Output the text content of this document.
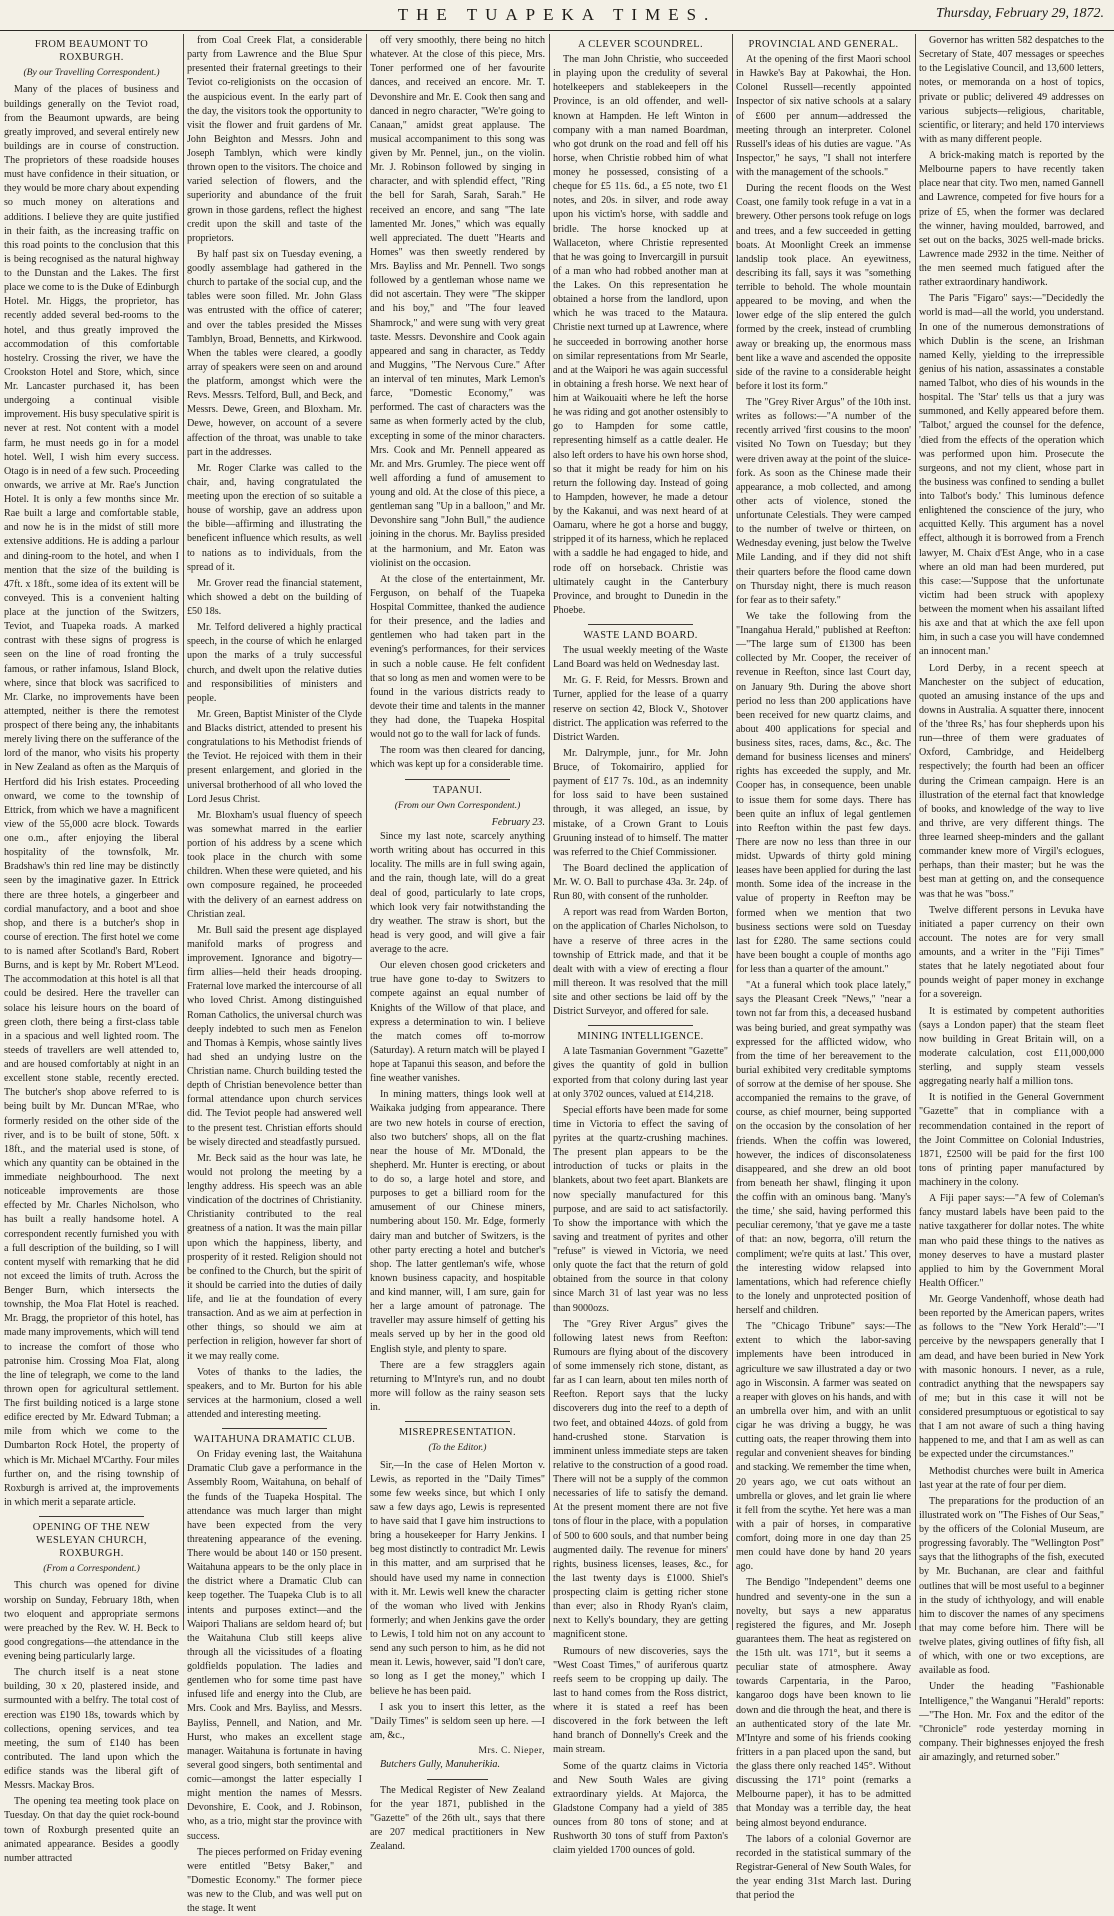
THE TUAPEKA TIMES.	Thursday, February 29, 1872.
FROM BEAUMONT TO ROXBURGH.
(By our Travelling Correspondent.)

Many of the places of business and buildings generally on the Teviot road, from the Beaumont upwards, are being greatly improved, and several entirely new buildings are in course of construction. The proprietors of these roadside houses must have confidence in their situation, or they would be more chary about expending so much money on alterations and additions. I believe they are quite justified in their faith, as the increasing traffic on this road points to the conclusion that this is being recognised as the natural highway to the Dunstan and the Lakes. The first place we come to is the Duke of Edinburgh Hotel. Mr. Higgs, the proprietor, has recently added several bed-rooms to the hotel, and thus greatly improved the accommodation of this comfortable hostelry. Crossing the river, we have the Crookston Hotel and Store, which, since Mr. Lancaster purchased it, has been undergoing a continual visible improvement. His busy speculative spirit is never at rest. Not content with a model farm, he must needs go in for a model hotel. Well, I wish him every success. Otago is in need of a few such. Proceeding onwards, we arrive at Mr. Rae's Junction Hotel. It is only a few months since Mr. Rae built a large and comfortable stable, and now he is in the midst of still more extensive additions. He is adding a parlour and dining-room to the hotel, and when I mention that the size of the building is 47ft. x 18ft., some idea of its extent will be conveyed. This is a convenient halting place at the junction of the Switzers, Teviot, and Tuapeka roads. A marked contrast with these signs of progress is seen on the line of road fronting the famous, or rather infamous, Island Block, where, since that block was sacrificed to Mr. Clarke, no improvements have been attempted, neither is there the remotest prospect of there being any, the inhabitants merely living there on the sufferance of the lord of the manor, who visits his property in New Zealand as often as the Marquis of Hertford did his Irish estates. Proceeding onward, we come to the township of Ettrick, from which we have a magnificent view of the 55,000 acre block. Towards one o.m., after enjoying the liberal hospitality of the townsfolk, Mr. Bradshaw's thin red line may be distinctly seen by the imaginative gazer. In Ettrick there are three hotels, a gingerbeer and cordial manufactory, and a boot and shoe shop, and there is a butcher's shop in course of erection. The first hotel we come to is named after Scotland's Bard, Robert Burns, and is kept by Mr. Robert M'Leod. The accommodation at this hotel is all that could be desired. Here the traveller can solace his leisure hours on the board of green cloth, there being a first-class table in a spacious and well lighted room. The steeds of travellers are well attended to, and are housed comfortably at night in an excellent stone stable, recently erected. The butcher's shop above referred to is being built by Mr. Duncan M'Rae, who formerly resided on the other side of the river, and is to be built of stone, 50ft. x 18ft., and the material used is stone, of which any quantity can be obtained in the immediate neighbourhood. The next noticeable improvements are those effected by Mr. Charles Nicholson, who has built a really handsome hotel. A correspondent recently furnished you with a full description of the building, so I will content myself with remarking that he did not exceed the limits of truth. Across the Benger Burn, which intersects the township, the Moa Flat Hotel is reached. Mr. Bragg, the proprietor of this hotel, has made many improvements, which will tend to increase the comfort of those who patronise him. Crossing Moa Flat, along the line of telegraph, we come to the land thrown open for agricultural settlement. The first building noticed is a large stone edifice erected by Mr. Edward Tubman; a mile from which we come to the Dumbarton Rock Hotel, the property of which is Mr. Michael M'Carthy. Four miles further on, and the rising township of Roxburgh is arrived at, the improvements in which merit a separate article.

OPENING OF THE NEW WESLEYAN CHURCH, ROXBURGH.
(From a Correspondent.)

This church was opened for divine worship on Sunday, February 18th, when two eloquent and appropriate sermons were preached by the Rev. W. H. Beck to good congregations—the attendance in the evening being particularly large.

The church itself is a neat stone building, 30 x 20, plastered inside, and surmounted with a belfry. The total cost of erection was £190 18s, towards which by collections, opening services, and tea meeting, the sum of £140 has been contributed. The land upon which the edifice stands was the liberal gift of Messrs. Mackay Bros.

The opening tea meeting took place on Tuesday. On that day the quiet rock-bound town of Roxburgh presented quite an animated appearance. Besides a goodly number attracted

from Coal Creek Flat, a considerable party from Lawrence and the Blue Spur presented their fraternal greetings to their Teviot co-religionists on the occasion of the auspicious event. In the early part of the day, the visitors took the opportunity to visit the flower and fruit gardens of Mr. John Beighton and Messrs. John and Joseph Tamblyn, which were kindly thrown open to the visitors. The choice and varied selection of flowers, and the superiority and abundance of the fruit grown in those gardens, reflect the highest credit upon the skill and taste of the proprietors.

By half past six on Tuesday evening, a goodly assemblage had gathered in the church to partake of the social cup, and the tables were soon filled. Mr. John Glass was entrusted with the office of caterer; and over the tables presided the Misses Tamblyn, Broad, Bennetts, and Kirkwood. When the tables were cleared, a goodly array of speakers were seen on and around the platform, amongst which were the Revs. Messrs. Telford, Bull, and Beck, and Messrs. Dewe, Green, and Bloxham. Mr. Dewe, however, on account of a severe affection of the throat, was unable to take part in the addresses.

Mr. Roger Clarke was called to the chair, and, having congratulated the meeting upon the erection of so suitable a house of worship, gave an address upon the bible—affirming and illustrating the beneficent influence which results, as well to nations as to individuals, from the spread of it.

Mr. Grover read the financial statement, which showed a debt on the building of £50 18s.

Mr. Telford delivered a highly practical speech, in the course of which he enlarged upon the marks of a truly successful church, and dwelt upon the relative duties and responsibilities of ministers and people.

Mr. Green, Baptist Minister of the Clyde and Blacks district, attended to present his congratulations to his Methodist friends of the Teviot. He rejoiced with them in their present enlargement, and gloried in the universal brotherhood of all who loved the Lord Jesus Christ.

Mr. Bloxham's usual fluency of speech was somewhat marred in the earlier portion of his address by a scene which took place in the church with some children. When these were quieted, and his own composure regained, he proceeded with the delivery of an earnest address on Christian zeal.

Mr. Bull said the present age displayed manifold marks of progress and improvement. Ignorance and bigotry—firm allies—held their heads drooping. Fraternal love marked the intercourse of all who loved Christ. Among distinguished Roman Catholics, the universal church was deeply indebted to such men as Fenelon and Thomas à Kempis, whose saintly lives had shed an undying lustre on the Christian name. Church building tested the depth of Christian benevolence better than formal attendance upon church services did. The Teviot people had answered well to the present test. Christian efforts should be wisely directed and steadfastly pursued.

Mr. Beck said as the hour was late, he would not prolong the meeting by a lengthy address. His speech was an able vindication of the doctrines of Christianity. Christianity contributed to the real greatness of a nation. It was the main pillar upon which the happiness, liberty, and prosperity of it rested. Religion should not be confined to the Church, but the spirit of it should be carried into the duties of daily life, and lie at the foundation of every transaction. And as we aim at perfection in other things, so should we aim at perfection in religion, however far short of it we may really come.

Votes of thanks to the ladies, the speakers, and to Mr. Burton for his able services at the harmonium, closed a well attended and interesting meeting.

WAITAHUNA DRAMATIC CLUB.

On Friday evening last, the Waitahuna Dramatic Club gave a performance in the Assembly Room, Waitahuna, on behalf of the funds of the Tuapeka Hospital. The attendance was much larger than might have been expected from the very threatening appearance of the evening. There would be about 140 or 150 present. Waitahuna appears to be the only place in the district where a Dramatic Club can keep together. The Tuapeka Club is to all intents and purposes extinct—and the Waipori Thalians are seldom heard of; but the Waitahuna Club still keeps alive through all the vicissitudes of a floating goldfields population. The ladies and gentlemen who for some time past have infused life and energy into the Club, are Mrs. Cook and Mrs. Bayliss, and Messrs. Bayliss, Pennell, and Nation, and Mr. Hurst, who makes an excellent stage manager. Waitahuna is fortunate in having several good singers, both sentimental and comic—amongst the latter especially I might mention the names of Messrs. Devonshire, E. Cook, and J. Robinson, who, as a trio, might star the province with success.

The pieces performed on Friday evening were entitled "Betsy Baker," and "Domestic Economy." The former piece was new to the Club, and was well put on the stage. It went

off very smoothly, there being no hitch whatever. At the close of this piece, Mrs. Toner performed one of her favourite dances, and received an encore. Mr. T. Devonshire and Mr. E. Cook then sang and danced in negro character, "We're going to Canaan," amidst great applause. The musical accompaniment to this song was given by Mr. Pennel, jun., on the violin. Mr. J. Robinson followed by singing in character, and with splendid effect, "Ring the bell for Sarah, Sarah, Sarah." He received an encore, and sang "The late lamented Mr. Jones," which was equally well appreciated. The duett "Hearts and Homes" was then sweetly rendered by Mrs. Bayliss and Mr. Pennell. Two songs followed by a gentleman whose name we did not ascertain. They were "The skipper and his boy," and "The four leaved Shamrock," and were sung with very great taste. Messrs. Devonshire and Cook again appeared and sang in character, as Teddy and Muggins, "The Nervous Cure." After an interval of ten minutes, Mark Lemon's farce, "Domestic Economy," was performed. The cast of characters was the same as when formerly acted by the club, excepting in some of the minor characters. Mrs. Cook and Mr. Pennell appeared as Mr. and Mrs. Grumley. The piece went off well affording a fund of amusement to young and old. At the close of this piece, a gentleman sang "Up in a balloon," and Mr. Devonshire sang "John Bull," the audience joining in the chorus. Mr. Bayliss presided at the harmonium, and Mr. Eaton was violinist on the occasion.

At the close of the entertainment, Mr. Ferguson, on behalf of the Tuapeka Hospital Committee, thanked the audience for their presence, and the ladies and gentlemen who had taken part in the evening's performances, for their services in such a noble cause. He felt confident that so long as men and women were to be found in the various districts ready to devote their time and talents in the manner they had done, the Tuapeka Hospital would not go to the wall for lack of funds.

The room was then cleared for dancing, which was kept up for a considerable time.

TAPANUI.
(From our Own Correspondent.)
February 23.

Since my last note, scarcely anything worth writing about has occurred in this locality. The mills are in full swing again, and the rain, though late, will do a great deal of good, particularly to late crops, which look very fair notwithstanding the dry weather. The straw is short, but the head is very good, and will give a fair average to the acre.

Our eleven chosen good cricketers and true have gone to-day to Switzers to compete against an equal number of Knights of the Willow of that place, and express a determination to win. I believe the match comes off to-morrow (Saturday). A return match will be played I hope at Tapanui this season, and before the fine weather vanishes.

In mining matters, things look well at Waikaka judging from appearance. There are two new hotels in course of erection, also two butchers' shops, all on the flat near the house of Mr. M'Donald, the shepherd. Mr. Hunter is erecting, or about to do so, a large hotel and store, and purposes to get a billiard room for the amusement of our Chinese miners, numbering about 150. Mr. Edge, formerly dairy man and butcher of Switzers, is the other party erecting a hotel and butcher's shop. The latter gentleman's wife, whose known business capacity, and hospitable and kind manner, will, I am sure, gain for her a large amount of patronage. The traveller may assure himself of getting his meals served up by her in the good old English style, and plenty to spare.

There are a few stragglers again returning to M'Intyre's run, and no doubt more will follow as the rainy season sets in.

MISREPRESENTATION.
(To the Editor.)

Sir,—In the case of Helen Morton v. Lewis, as reported in the "Daily Times" some few weeks since, but which I only saw a few days ago, Lewis is represented to have said that I gave him instructions to bring a housekeeper for Harry Jenkins. I beg most distinctly to contradict Mr. Lewis in this matter, and am surprised that he should have used my name in connection with it. Mr. Lewis well knew the character of the woman who lived with Jenkins formerly; and when Jenkins gave the order to Lewis, I told him not on any account to send any such person to him, as he did not mean it. Lewis, however, said "I don't care, so long as I get the money," which I believe he has been paid.

I ask you to insert this letter, as the "Daily Times" is seldom seen up here. —I am, &c.,

Mrs. C. Nieper,
Butchers Gully, Manuherikia.

The Medical Register of New Zealand for the year 1871, published in the "Gazette" of the 26th ult., says that there are 207 medical practitioners in New Zealand.

A CLEVER SCOUNDREL.

The man John Christie, who succeeded in playing upon the credulity of several hotelkeepers and stablekeepers in the Province, is an old offender, and well-known at Hampden. He left Winton in company with a man named Boardman, who got drunk on the road and fell off his horse, when Christie robbed him of what money he possessed, consisting of a cheque for £5 11s. 6d., a £5 note, two £1 notes, and 20s. in silver, and rode away upon his victim's horse, with saddle and bridle. The horse knocked up at Wallaceton, where Christie represented that he was going to Invercargill in pursuit of a man who had robbed another man at the Lakes. On this representation he obtained a horse from the landlord, upon which he was traced to the Mataura. Christie next turned up at Lawrence, where he succeeded in borrowing another horse on similar representations from Mr Searle, and at the Waipori he was again successful in obtaining a fresh horse. We next hear of him at Waikouaiti where he left the horse he was riding and got another ostensibly to go to Hampden for some cattle, representing himself as a cattle dealer. He also left orders to have his own horse shod, so that it might be ready for him on his return the following day. Instead of going to Hampden, however, he made a detour by the Kakanui, and was next heard of at Oamaru, where he got a horse and buggy, stripped it of its harness, which he replaced with a saddle he had engaged to hide, and rode off on horseback. Christie was ultimately caught in the Canterbury Province, and brought to Dunedin in the Phoebe.

WASTE LAND BOARD.

The usual weekly meeting of the Waste Land Board was held on Wednesday last.

Mr. G. F. Reid, for Messrs. Brown and Turner, applied for the lease of a quarry reserve on section 42, Block V., Shotover district. The application was referred to the District Warden.

Mr. Dalrymple, junr., for Mr. John Bruce, of Tokomairiro, applied for payment of £17 7s. 10d., as an indemnity for loss said to have been sustained through, it was alleged, an issue, by mistake, of a Crown Grant to Louis Gruuning instead of to himself. The matter was referred to the Chief Commissioner.

The Board declined the application of Mr. W. O. Ball to purchase 43a. 3r. 24p. of Run 80, with consent of the runholder.

A report was read from Warden Borton, on the application of Charles Nicholson, to have a reserve of three acres in the township of Ettrick made, and that it be dealt with with a view of erecting a flour mill thereon. It was resolved that the mill site and other sections be laid off by the District Surveyor, and offered for sale.

MINING INTELLIGENCE.

A late Tasmanian Government "Gazette" gives the quantity of gold in bullion exported from that colony during last year at only 3702 ounces, valued at £14,218.

Special efforts have been made for some time in Victoria to effect the saving of pyrites at the quartz-crushing machines. The present plan appears to be the introduction of tucks or plaits in the blankets, about two feet apart. Blankets are now specially manufactured for this purpose, and are said to act satisfactorily. To show the importance with which the saving and treatment of pyrites and other "refuse" is viewed in Victoria, we need only quote the fact that the return of gold obtained from the source in that colony since March 31 of last year was no less than 9000ozs.

The "Grey River Argus" gives the following latest news from Reefton: Rumours are flying about of the discovery of some immensely rich stone, distant, as far as I can learn, about ten miles north of Reefton. Report says that the lucky discoverers dug into the reef to a depth of two feet, and obtained 44ozs. of gold from hand-crushed stone. Starvation is imminent unless immediate steps are taken relative to the construction of a good road. There will not be a supply of the common necessaries of life to satisfy the demand. At the present moment there are not five tons of flour in the place, with a population of 500 to 600 souls, and that number being augmented daily. The revenue for miners' rights, business licenses, leases, &c., for the last twenty days is £1000. Shiel's prospecting claim is getting richer stone than ever; also in Rhody Ryan's claim, next to Kelly's boundary, they are getting magnificent stone.

Rumours of new discoveries, says the "West Coast Times," of auriferous quartz reefs seem to be cropping up daily. The last to hand comes from the Ross district, where it is stated a reef has been discovered in the fork between the left hand branch of Donnelly's Creek and the main stream.

Some of the quartz claims in Victoria and New South Wales are giving extraordinary yields. At Majorca, the Gladstone Company had a yield of 385 ounces from 80 tons of stone; and at Rushworth 30 tons of stuff from Paxton's claim yielded 1700 ounces of gold.

PROVINCIAL AND GENERAL.

At the opening of the first Maori school in Hawke's Bay at Pakowhai, the Hon. Colonel Russell—recently appointed Inspector of six native schools at a salary of £600 per annum—addressed the meeting through an interpreter. Colonel Russell's ideas of his duties are vague. "As Inspector," he says, "I shall not interfere with the management of the schools."

During the recent floods on the West Coast, one family took refuge in a vat in a brewery. Other persons took refuge on logs and trees, and a few succeeded in getting boats. At Moonlight Creek an immense landslip took place. An eyewitness, describing its fall, says it was "something terrible to behold. The whole mountain appeared to be moving, and when the lower edge of the slip entered the gulch formed by the creek, instead of crumbling away or breaking up, the enormous mass bent like a wave and ascended the opposite side of the ravine to a considerable height before it lost its form."

The "Grey River Argus" of the 10th inst. writes as follows:—"A number of the recently arrived 'first cousins to the moon' visited No Town on Tuesday; but they were driven away at the point of the sluice-fork. As soon as the Chinese made their appearance, a mob collected, and among other acts of violence, stoned the unfortunate Celestials. They were camped to the number of twelve or thirteen, on Wednesday evening, just below the Twelve Mile Landing, and if they did not shift their quarters before the flood came down on Thursday night, there is much reason for fear as to their safety."

We take the following from the "Inangahua Herald," published at Reefton:—"The large sum of £1300 has been collected by Mr. Cooper, the receiver of revenue in Reefton, since last Court day, on January 9th. During the above short period no less than 200 applications have been received for new quartz claims, and about 400 applications for special and business sites, races, dams, &c., &c. The demand for business licenses and miners' rights has exceeded the supply, and Mr. Cooper has, in consequence, been unable to issue them for some days. There has been quite an influx of legal gentlemen into Reefton within the past few days. There are now no less than three in our midst. Upwards of thirty gold mining leases have been applied for during the last month. Some idea of the increase in the value of property in Reefton may be formed when we mention that two business sections were sold on Tuesday last for £280. The same sections could have been bought a couple of months ago for less than a quarter of the amount."

"At a funeral which took place lately," says the Pleasant Creek "News," "near a town not far from this, a deceased husband was being buried, and great sympathy was expressed for the afflicted widow, who from the time of her bereavement to the burial exhibited very creditable symptoms of sorrow at the demise of her spouse. She accompanied the remains to the grave, of course, as chief mourner, being supported on the occasion by the consolation of her friends. When the coffin was lowered, however, the indices of disconsolateness disappeared, and she drew an old boot from beneath her shawl, flinging it upon the coffin with an ominous bang. 'Many's the time,' she said, having performed this peculiar ceremony, 'that ye gave me a taste of that: an now, begorra, o'ill return the compliment; we're quits at last.' This over, the interesting widow relapsed into lamentations, which had reference chiefly to the lonely and unprotected position of herself and children.

The "Chicago Tribune" says:—The extent to which the labor-saving implements have been introduced in agriculture we saw illustrated a day or two ago in Wisconsin. A farmer was seated on a reaper with gloves on his hands, and with an umbrella over him, and with an unlit cigar he was driving a buggy, he was cutting oats, the reaper throwing them into regular and convenient sheaves for binding and stacking. We remember the time when, 20 years ago, we cut oats without an umbrella or gloves, and let grain lie where it fell from the scythe. Yet here was a man with a pair of horses, in comparative comfort, doing more in one day than 25 men could have done by hand 20 years ago.

The Bendigo "Independent" deems one hundred and seventy-one in the sun a novelty, but says a new apparatus registered the figures, and Mr. Joseph guarantees them. The heat as registered on the 15th ult. was 171°, but it seems a peculiar state of atmosphere. Away towards Carpentaria, in the Paroo, kangaroo dogs have been known to lie down and die through the heat, and there is an authenticated story of the late Mr. M'Intyre and some of his friends cooking fritters in a pan placed upon the sand, but the glass there only reached 145°. Without discussing the 171° point (remarks a Melbourne paper), it has to be admitted that Monday was a terrible day, the heat being almost beyond endurance.

The labors of a colonial Governor are recorded in the statistical summary of the Registrar-General of New South Wales, for the year ending 31st March last. During that period the

Governor has written 582 despatches to the Secretary of State, 407 messages or speeches to the Legislative Council, and 13,600 letters, notes, or memoranda on a host of topics, private or public; delivered 49 addresses on various subjects—religious, charitable, scientific, or literary; and held 170 interviews with as many different people.

A brick-making match is reported by the Melbourne papers to have recently taken place near that city. Two men, named Gannell and Lawrence, competed for five hours for a prize of £5, when the former was declared the winner, having moulded, barrowed, and set out on the backs, 3025 well-made bricks. Lawrence made 2932 in the time. Neither of the men seemed much fatigued after the rather extraordinary handiwork.

The Paris "Figaro" says:—"Decidedly the world is mad—all the world, you understand. In one of the numerous demonstrations of which Dublin is the scene, an Irishman named Kelly, yielding to the irrepressible genius of his nation, assassinates a constable named Talbot, who dies of his wounds in the hospital. The 'Star' tells us that a jury was summoned, and Kelly appeared before them. 'Talbot,' argued the counsel for the defence, 'died from the effects of the operation which was performed upon him. Prosecute the surgeons, and not my client, whose part in the business was confined to sending a bullet into Talbot's body.' This luminous defence enlightened the conscience of the jury, who acquitted Kelly. This argument has a novel effect, although it is borrowed from a French lawyer, M. Chaix d'Est Ange, who in a case where an old man had been murdered, put this case:—'Suppose that the unfortunate victim had been struck with apoplexy between the moment when his assailant lifted his axe and that at which the axe fell upon him, in such a case you will have condemned an innocent man.'

Lord Derby, in a recent speech at Manchester on the subject of education, quoted an amusing instance of the ups and downs in Australia. A squatter there, innocent of the 'three Rs,' has four shepherds upon his run—three of them were graduates of Oxford, Cambridge, and Heidelberg respectively; the fourth had been an officer during the Crimean campaign. Here is an illustration of the eternal fact that knowledge of books, and knowledge of the way to live and thrive, are very different things. The three learned sheep-minders and the gallant commander knew more of Virgil's eclogues, perhaps, than their master; but he was the best man at getting on, and the consequence was that he was "boss."

Twelve different persons in Levuka have initiated a paper currency on their own account. The notes are for very small amounts, and a writer in the "Fiji Times" states that he lately negotiated about four pounds weight of paper money in exchange for a sovereign.

It is estimated by competent authorities (says a London paper) that the steam fleet now building in Great Britain will, on a moderate calculation, cost £11,000,000 sterling, and supply steam vessels aggregating nearly half a million tons.

It is notified in the General Government "Gazette" that in compliance with a recommendation contained in the report of the Joint Committee on Colonial Industries, 1871, £2500 will be paid for the first 100 tons of printing paper manufactured by machinery in the colony.

A Fiji paper says:—"A few of Coleman's fancy mustard labels have been paid to the native taxgatherer for dollar notes. The white man who paid these things to the natives as money deserves to have a mustard plaster applied to him by the Government Moral Health Officer."

Mr. George Vandenhoff, whose death had been reported by the American papers, writes as follows to the "New York Herald":—"I perceive by the newspapers generally that I am dead, and have been buried in New York with masonic honours. I never, as a rule, contradict anything that the newspapers say of me; but in this case it will not be considered presumptuous or egotistical to say that I am not aware of such a thing having happened to me, and that I am as well as can be expected under the circumstances."

Methodist churches were built in America last year at the rate of four per diem.

The preparations for the production of an illustrated work on "The Fishes of Our Seas," by the officers of the Colonial Museum, are progressing favorably. The "Wellington Post" says that the lithographs of the fish, executed by Mr. Buchanan, are clear and faithful outlines that will be most useful to a beginner in the study of ichthyology, and will enable him to discover the names of any specimens that may come before him. There will be twelve plates, giving outlines of fifty fish, all of which, with one or two exceptions, are available as food.

Under the heading "Fashionable Intelligence," the Wanganui "Herald" reports:—"The Hon. Mr. Fox and the editor of the "Chronicle" rode yesterday morning in company. Their bighnesses enjoyed the fresh air amazingly, and returned sober."
